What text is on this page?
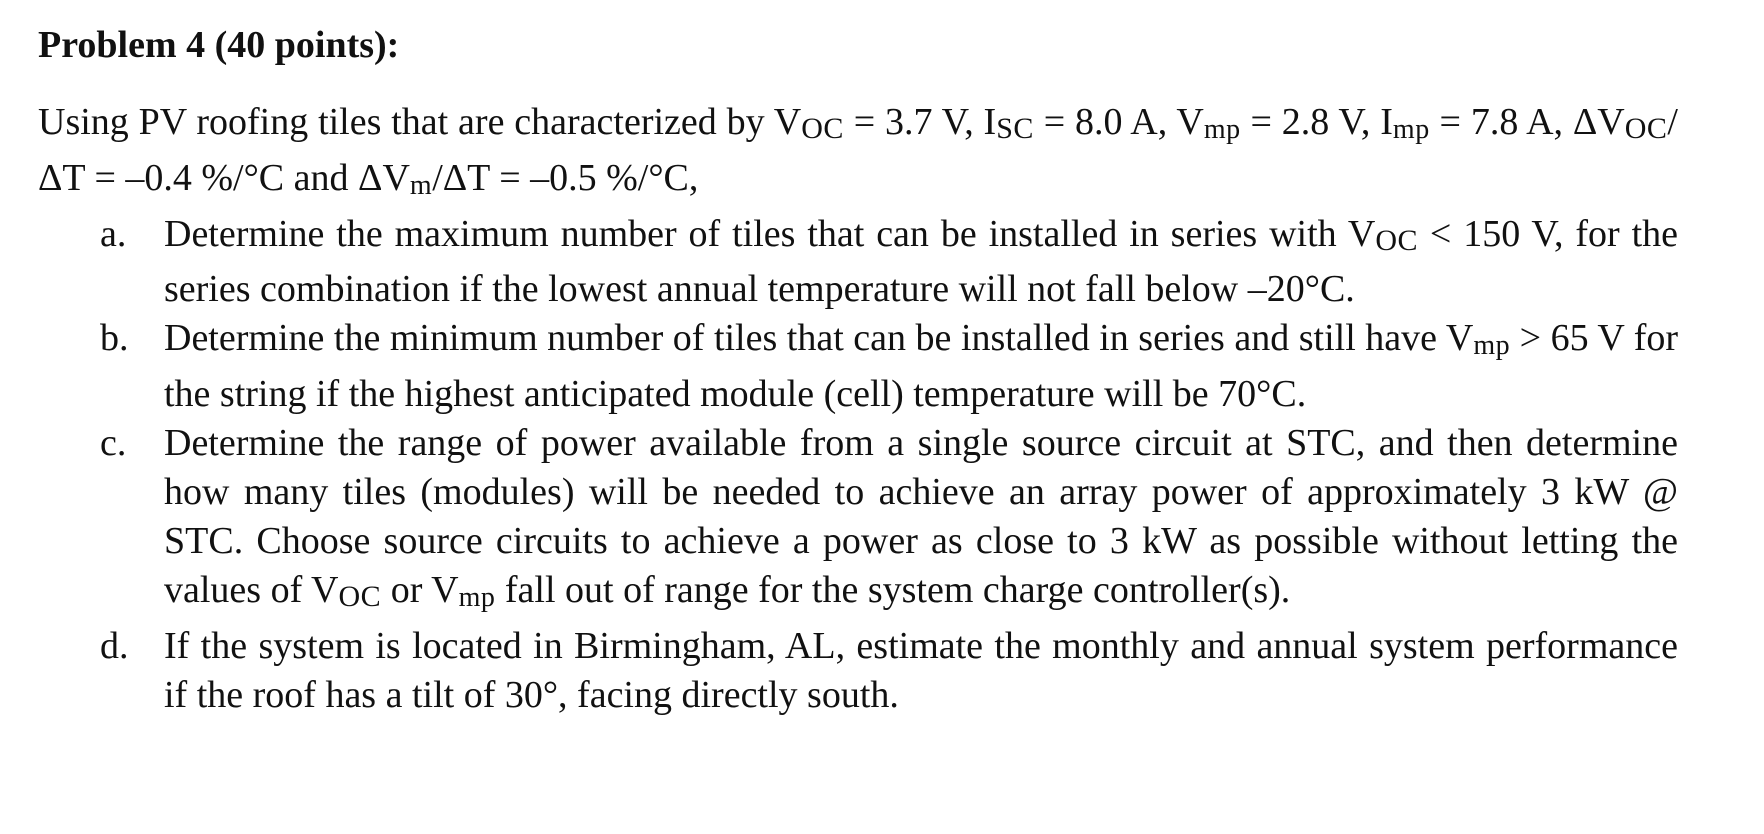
Problem 4 (40 points):

Using PV roofing tiles that are characterized by VOC = 3.7 V, ISC = 8.0 A, Vmp = 2.8 V, Imp = 7.8 A, ΔVOC/ΔT = –0.4 %/°C and ΔVm/ΔT = –0.5 %/°C,

a. Determine the maximum number of tiles that can be installed in series with VOC < 150 V, for the series combination if the lowest annual temperature will not fall below –20°C.
b. Determine the minimum number of tiles that can be installed in series and still have Vmp > 65 V for the string if the highest anticipated module (cell) temperature will be 70°C.
c. Determine the range of power available from a single source circuit at STC, and then determine how many tiles (modules) will be needed to achieve an array power of approximately 3 kW @ STC. Choose source circuits to achieve a power as close to 3 kW as possible without letting the values of VOC or Vmp fall out of range for the system charge controller(s).
d. If the system is located in Birmingham, AL, estimate the monthly and annual system performance if the roof has a tilt of 30°, facing directly south.
